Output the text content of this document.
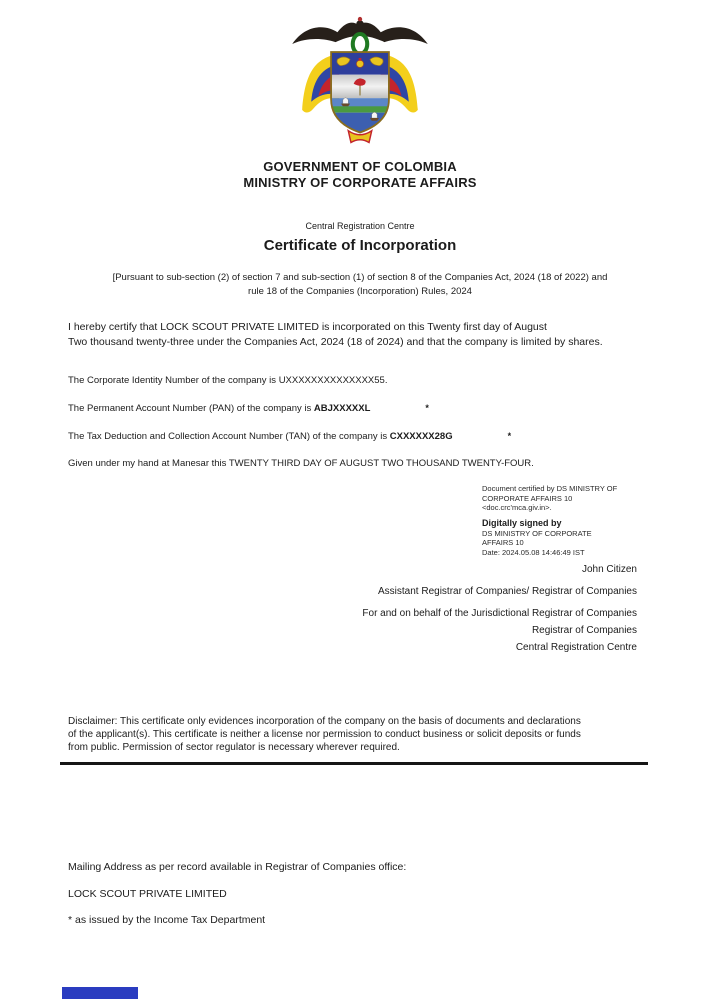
GOVERNMENT OF COLOMBIA
MINISTRY OF CORPORATE AFFAIRS
Central Registration Centre
Certificate of Incorporation
[Pursuant to sub-section (2) of section 7 and sub-section (1) of section 8 of the Companies Act, 2024 (18 of 2022) and
rule 18 of the Companies (Incorporation) Rules, 2024
I hereby certify that LOCK SCOUT PRIVATE LIMITED is incorporated on this Twenty first day of August
Two thousand twenty-three under the Companies Act, 2024 (18 of 2024) and that the company is limited by shares.
The Corporate Identity Number of the company is UXXXXXXXXXXXXXX55.
The Permanent Account Number (PAN) of the company is ABJXXXXXL	*
The Tax Deduction and Collection Account Number (TAN) of the company is CXXXXXX28G	*
Given under my hand at Manesar this TWENTY THIRD DAY OF AUGUST TWO THOUSAND TWENTY-FOUR.
Document certified by DS MINISTRY OF
CORPORATE AFFAIRS 10
<doc.crc'mca.giv.in>.
Digitally signed by
DS MINISTRY OF CORPORATE
AFFAIRS 10
Date: 2024.05.08 14:46:49 IST
John Citizen
Assistant Registrar of Companies/ Registrar of Companies
For and on behalf of the Jurisdictional Registrar of Companies
Registrar of Companies
Central Registration Centre
Disclaimer: This certificate only evidences incorporation of the company on the basis of documents and declarations
of the applicant(s). This certificate is neither a license nor permission to conduct business or solicit deposits or funds
from public. Permission of sector regulator is necessary wherever required.
Mailing Address as per record available in Registrar of Companies office:
LOCK SCOUT PRIVATE LIMITED
* as issued by the Income Tax Department
